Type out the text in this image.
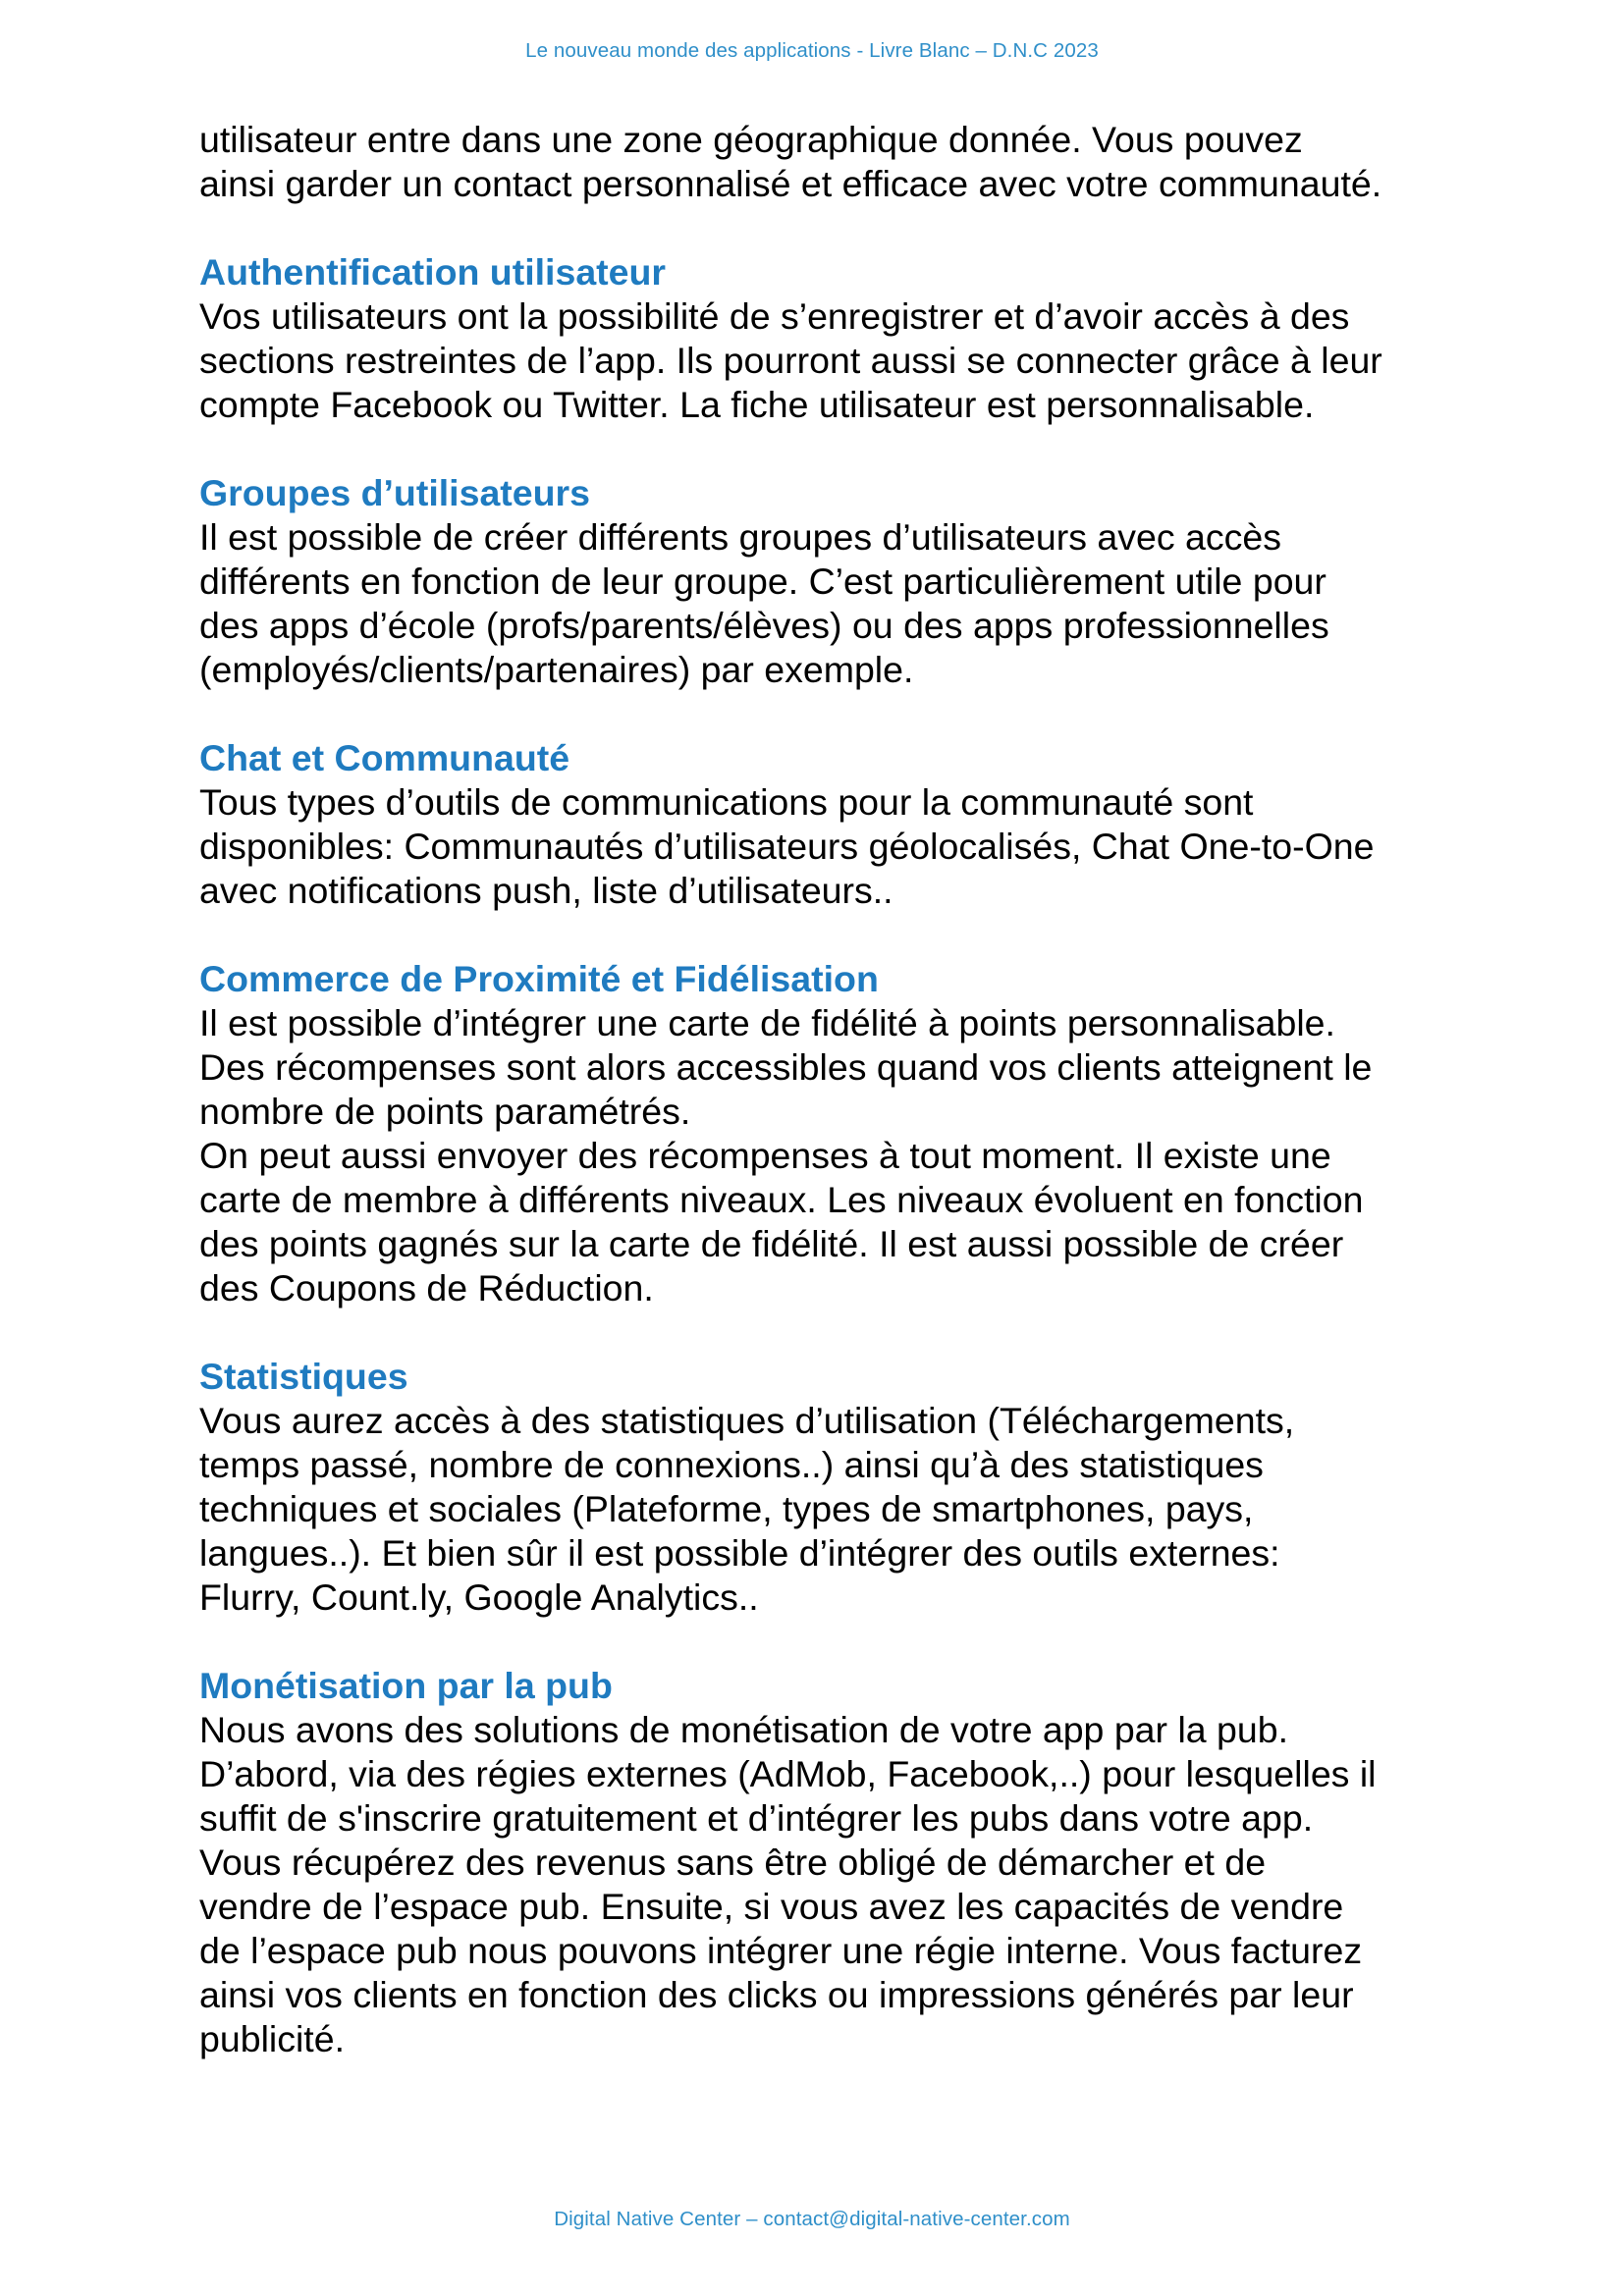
Le nouveau monde des applications - Livre Blanc – D.N.C 2023

utilisateur entre dans une zone géographique donnée. Vous pouvez

ainsi garder un contact personnalisé et efficace avec votre communauté.

Authentification utilisateur

Vos utilisateurs ont la possibilité de s’enregistrer et d’avoir accès à des

sections restreintes de l’app. Ils pourront aussi se connecter grâce à leur

compte Facebook ou Twitter. La fiche utilisateur est personnalisable.

Groupes d’utilisateurs

Il est possible de créer différents groupes d’utilisateurs avec accès

différents en fonction de leur groupe. C’est particulièrement utile pour

des apps d’école (profs/parents/élèves) ou des apps professionnelles

(employés/clients/partenaires) par exemple.

Chat et Communauté

Tous types d’outils de communications pour la communauté sont

disponibles: Communautés d’utilisateurs géolocalisés, Chat One-to-One

avec notifications push, liste d’utilisateurs..

Commerce de Proximité et Fidélisation

Il est possible d’intégrer une carte de fidélité à points personnalisable.

Des récompenses sont alors accessibles quand vos clients atteignent le

nombre de points paramétrés.

On peut aussi envoyer des récompenses à tout moment. Il existe une

carte de membre à différents niveaux. Les niveaux évoluent en fonction

des points gagnés sur la carte de fidélité. Il est aussi possible de créer

des Coupons de Réduction.

Statistiques

Vous aurez accès à des statistiques d’utilisation (Téléchargements,

temps passé, nombre de connexions..) ainsi qu’à des statistiques

techniques et sociales (Plateforme, types de smartphones, pays,

langues..). Et bien sûr il est possible d’intégrer des outils externes:

Flurry, Count.ly, Google Analytics..

Monétisation par la pub

Nous avons des solutions de monétisation de votre app par la pub.

D’abord, via des régies externes (AdMob, Facebook,..) pour lesquelles il

suffit de s'inscrire gratuitement et d’intégrer les pubs dans votre app.

Vous récupérez des revenus sans être obligé de démarcher et de

vendre de l’espace pub. Ensuite, si vous avez les capacités de vendre

de l’espace pub nous pouvons intégrer une régie interne. Vous facturez

ainsi vos clients en fonction des clicks ou impressions générés par leur

publicité.

Digital Native Center – contact@digital-native-center.com
